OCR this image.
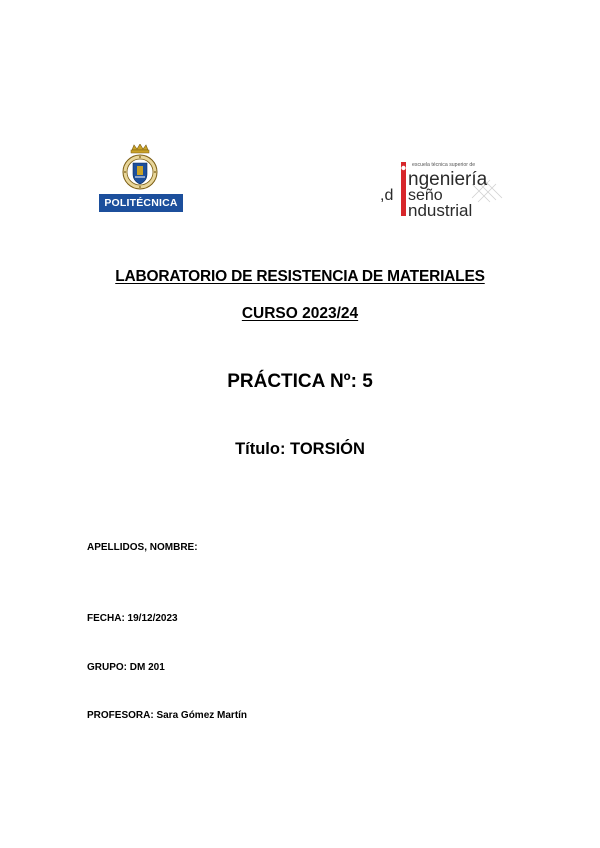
POLITÉCNICA
escuela técnica superior de
ngeniería
,d seño
ndustrial
LABORATORIO DE RESISTENCIA DE MATERIALES
CURSO 2023/24
PRÁCTICA Nº: 5
Título: TORSIÓN
APELLIDOS, NOMBRE:
FECHA: 19/12/2023
GRUPO: DM 201
PROFESORA: Sara Gómez Martín
